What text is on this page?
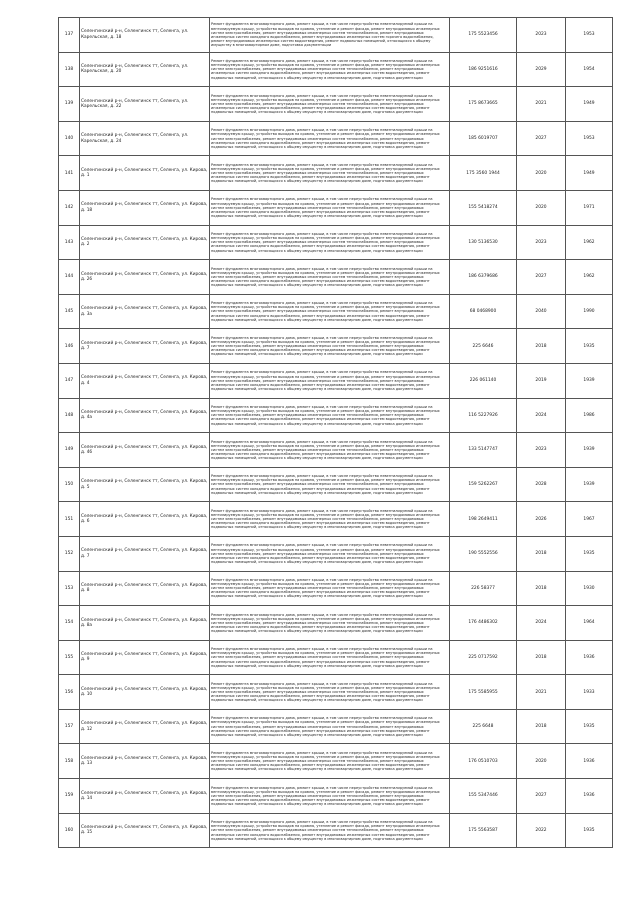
137	Селенгинский р-н, Селенгинск тт, Селенга, ул. Карельская, д. 18	Ремонт фундамента многоквартирного дома, ремонт крыши, в том числе переустройство невентилируемой крыши на вентилируемую крышу, устройство выходов на кровлю, утепление и ремонт фасада, ремонт внутридомовых инженерных систем электроснабжения, ремонт внутридомовых инженерных систем теплоснабжения, ремонт внутридомовых инженерных систем холодного водоснабжения, ремонт внутридомовых инженерных систем горячего водоснабжения, ремонт внутридомовых инженерных систем водоотведения, ремонт подвальных помещений, относящихся к общему имуществу в многоквартирном доме, подготовка документации	175 5523456	2023	1953
138	Селенгинский р-н, Селенгинск тт, Селенга, ул. Карельская, д. 20	Ремонт фундамента многоквартирного дома, ремонт крыши, в том числе переустройство невентилируемой крыши на вентилируемую крышу, устройство выходов на кровлю, утепление и ремонт фасада, ремонт внутридомовых инженерных систем электроснабжения, ремонт внутридомовых инженерных систем теплоснабжения, ремонт внутридомовых инженерных систем холодного водоснабжения, ремонт внутридомовых инженерных систем водоотведения, ремонт подвальных помещений, относящихся к общему имуществу в многоквартирном доме, подготовка документации	186 9251616	2029	1954
139	Селенгинский р-н, Селенгинск тт, Селенга, ул. Карельская, д. 22	Ремонт фундамента многоквартирного дома, ремонт крыши, в том числе переустройство невентилируемой крыши на вентилируемую крышу, устройство выходов на кровлю, утепление и ремонт фасада, ремонт внутридомовых инженерных систем электроснабжения, ремонт внутридомовых инженерных систем теплоснабжения, ремонт внутридомовых инженерных систем холодного водоснабжения, ремонт внутридомовых инженерных систем водоотведения, ремонт подвальных помещений, относящихся к общему имуществу в многоквартирном доме, подготовка документации	175 8673665	2021	1949
140	Селенгинский р-н, Селенгинск тт, Селенга, ул. Карельская, д. 24	Ремонт фундамента многоквартирного дома, ремонт крыши, в том числе переустройство невентилируемой крыши на вентилируемую крышу, устройство выходов на кровлю, утепление и ремонт фасада, ремонт внутридомовых инженерных систем электроснабжения, ремонт внутридомовых инженерных систем теплоснабжения, ремонт внутридомовых инженерных систем холодного водоснабжения, ремонт внутридомовых инженерных систем водоотведения, ремонт подвальных помещений, относящихся к общему имуществу в многоквартирном доме, подготовка документации	185 6019707	2027	1953
141	Селенгинский р-н, Селенгинск тт, Селенга, ул. Кирова, д. 1	Ремонт фундамента многоквартирного дома, ремонт крыши, в том числе переустройство невентилируемой крыши на вентилируемую крышу, устройство выходов на кровлю, утепление и ремонт фасада, ремонт внутридомовых инженерных систем электроснабжения, ремонт внутридомовых инженерных систем теплоснабжения, ремонт внутридомовых инженерных систем холодного водоснабжения, ремонт внутридомовых инженерных систем водоотведения, ремонт подвальных помещений, относящихся к общему имуществу в многоквартирном доме, подготовка документации	175 3560 1944	2020	1949
142	Селенгинский р-н, Селенгинск тт, Селенга, ул. Кирова, д. 18	Ремонт фундамента многоквартирного дома, ремонт крыши, в том числе переустройство невентилируемой крыши на вентилируемую крышу, устройство выходов на кровлю, утепление и ремонт фасада, ремонт внутридомовых инженерных систем электроснабжения, ремонт внутридомовых инженерных систем теплоснабжения, ремонт внутридомовых инженерных систем холодного водоснабжения, ремонт внутридомовых инженерных систем водоотведения, ремонт подвальных помещений, относящихся к общему имуществу в многоквартирном доме, подготовка документации	155 5418274	2020	1971
143	Селенгинский р-н, Селенгинск тт, Селенга, ул. Кирова, д. 2	Ремонт фундамента многоквартирного дома, ремонт крыши, в том числе переустройство невентилируемой крыши на вентилируемую крышу, устройство выходов на кровлю, утепление и ремонт фасада, ремонт внутридомовых инженерных систем электроснабжения, ремонт внутридомовых инженерных систем теплоснабжения, ремонт внутридомовых инженерных систем холодного водоснабжения, ремонт внутридомовых инженерных систем водоотведения, ремонт подвальных помещений, относящихся к общему имуществу в многоквартирном доме, подготовка документации	130 5136530	2023	1962
144	Селенгинский р-н, Селенгинск тт, Селенга, ул. Кирова, д. 26	Ремонт фундамента многоквартирного дома, ремонт крыши, в том числе переустройство невентилируемой крыши на вентилируемую крышу, устройство выходов на кровлю, утепление и ремонт фасада, ремонт внутридомовых инженерных систем электроснабжения, ремонт внутридомовых инженерных систем теплоснабжения, ремонт внутридомовых инженерных систем холодного водоснабжения, ремонт внутридомовых инженерных систем водоотведения, ремонт подвальных помещений, относящихся к общему имуществу в многоквартирном доме, подготовка документации	186 6379686	2027	1962
145	Селенгинский р-н, Селенгинск тт, Селенга, ул. Кирова, д. 3а	Ремонт фундамента многоквартирного дома, ремонт крыши, в том числе переустройство невентилируемой крыши на вентилируемую крышу, устройство выходов на кровлю, утепление и ремонт фасада, ремонт внутридомовых инженерных систем электроснабжения, ремонт внутридомовых инженерных систем теплоснабжения, ремонт внутридомовых инженерных систем холодного водоснабжения, ремонт внутридомовых инженерных систем водоотведения, ремонт подвальных помещений, относящихся к общему имуществу в многоквартирном доме, подготовка документации	68 0468900	2040	1990
146	Селенгинский р-н, Селенгинск тт, Селенга, ул. Кирова, д. 7	Ремонт фундамента многоквартирного дома, ремонт крыши, в том числе переустройство невентилируемой крыши на вентилируемую крышу, устройство выходов на кровлю, утепление и ремонт фасада, ремонт внутридомовых инженерных систем электроснабжения, ремонт внутридомовых инженерных систем теплоснабжения, ремонт внутридомовых инженерных систем холодного водоснабжения, ремонт внутридомовых инженерных систем водоотведения, ремонт подвальных помещений, относящихся к общему имуществу в многоквартирном доме, подготовка документации	225 6646	2018	1935
147	Селенгинский р-н, Селенгинск тт, Селенга, ул. Кирова, д. 4	Ремонт фундамента многоквартирного дома, ремонт крыши, в том числе переустройство невентилируемой крыши на вентилируемую крышу, устройство выходов на кровлю, утепление и ремонт фасада, ремонт внутридомовых инженерных систем электроснабжения, ремонт внутридомовых инженерных систем теплоснабжения, ремонт внутридомовых инженерных систем холодного водоснабжения, ремонт внутридомовых инженерных систем водоотведения, ремонт подвальных помещений, относящихся к общему имуществу в многоквартирном доме, подготовка документации	226 061140	2019	1939
148	Селенгинский р-н, Селенгинск тт, Селенга, ул. Кирова, д. 4а	Ремонт фундамента многоквартирного дома, ремонт крыши, в том числе переустройство невентилируемой крыши на вентилируемую крышу, устройство выходов на кровлю, утепление и ремонт фасада, ремонт внутридомовых инженерных систем электроснабжения, ремонт внутридомовых инженерных систем теплоснабжения, ремонт внутридомовых инженерных систем холодного водоснабжения, ремонт внутридомовых инженерных систем водоотведения, ремонт подвальных помещений, относящихся к общему имуществу в многоквартирном доме, подготовка документации	116 5227926	2024	1986
149	Селенгинский р-н, Селенгинск тт, Селенга, ул. Кирова, д. 46	Ремонт фундамента многоквартирного дома, ремонт крыши, в том числе переустройство невентилируемой крыши на вентилируемую крышу, устройство выходов на кровлю, утепление и ремонт фасада, ремонт внутридомовых инженерных систем электроснабжения, ремонт внутридомовых инженерных систем теплоснабжения, ремонт внутридомовых инженерных систем холодного водоснабжения, ремонт внутридомовых инженерных систем водоотведения, ремонт подвальных помещений, относящихся к общему имуществу в многоквартирном доме, подготовка документации	133 5147747	2023	1939
150	Селенгинский р-н, Селенгинск тт, Селенга, ул. Кирова, д. 5	Ремонт фундамента многоквартирного дома, ремонт крыши, в том числе переустройство невентилируемой крыши на вентилируемую крышу, устройство выходов на кровлю, утепление и ремонт фасада, ремонт внутридомовых инженерных систем электроснабжения, ремонт внутридомовых инженерных систем теплоснабжения, ремонт внутридомовых инженерных систем холодного водоснабжения, ремонт внутридомовых инженерных систем водоотведения, ремонт подвальных помещений, относящихся к общему имуществу в многоквартирном доме, подготовка документации	159 5262267	2028	1939
151	Селенгинский р-н, Селенгинск тт, Селенга, ул. Кирова, д. 6	Ремонт фундамента многоквартирного дома, ремонт крыши, в том числе переустройство невентилируемой крыши на вентилируемую крышу, устройство выходов на кровлю, утепление и ремонт фасада, ремонт внутридомовых инженерных систем электроснабжения, ремонт внутридомовых инженерных систем теплоснабжения, ремонт внутридомовых инженерных систем холодного водоснабжения, ремонт внутридомовых инженерных систем водоотведения, ремонт подвальных помещений, относящихся к общему имуществу в многоквартирном доме, подготовка документации	198 2649411	2026	1967
152	Селенгинский р-н, Селенгинск тт, Селенга, ул. Кирова, д. 7	Ремонт фундамента многоквартирного дома, ремонт крыши, в том числе переустройство невентилируемой крыши на вентилируемую крышу, устройство выходов на кровлю, утепление и ремонт фасада, ремонт внутридомовых инженерных систем электроснабжения, ремонт внутридомовых инженерных систем теплоснабжения, ремонт внутридомовых инженерных систем холодного водоснабжения, ремонт внутридомовых инженерных систем водоотведения, ремонт подвальных помещений, относящихся к общему имуществу в многоквартирном доме, подготовка документации	190 5552556	2018	1935
153	Селенгинский р-н, Селенгинск тт, Селенга, ул. Кирова, д. 8	Ремонт фундамента многоквартирного дома, ремонт крыши, в том числе переустройство невентилируемой крыши на вентилируемую крышу, устройство выходов на кровлю, утепление и ремонт фасада, ремонт внутридомовых инженерных систем электроснабжения, ремонт внутридомовых инженерных систем теплоснабжения, ремонт внутридомовых инженерных систем холодного водоснабжения, ремонт внутридомовых инженерных систем водоотведения, ремонт подвальных помещений, относящихся к общему имуществу в многоквартирном доме, подготовка документации	226 58377	2018	1930
154	Селенгинский р-н, Селенгинск тт, Селенга, ул. Кирова, д. 8а	Ремонт фундамента многоквартирного дома, ремонт крыши, в том числе переустройство невентилируемой крыши на вентилируемую крышу, устройство выходов на кровлю, утепление и ремонт фасада, ремонт внутридомовых инженерных систем электроснабжения, ремонт внутридомовых инженерных систем теплоснабжения, ремонт внутридомовых инженерных систем холодного водоснабжения, ремонт внутридомовых инженерных систем водоотведения, ремонт подвальных помещений, относящихся к общему имуществу в многоквартирном доме, подготовка документации	176 4486302	2024	1964
155	Селенгинский р-н, Селенгинск тт, Селенга, ул. Кирова, д. 9	Ремонт фундамента многоквартирного дома, ремонт крыши, в том числе переустройство невентилируемой крыши на вентилируемую крышу, устройство выходов на кровлю, утепление и ремонт фасада, ремонт внутридомовых инженерных систем электроснабжения, ремонт внутридомовых инженерных систем теплоснабжения, ремонт внутридомовых инженерных систем холодного водоснабжения, ремонт внутридомовых инженерных систем водоотведения, ремонт подвальных помещений, относящихся к общему имуществу в многоквартирном доме, подготовка документации	225 0717592	2018	1936
156	Селенгинский р-н, Селенгинск тт, Селенга, ул. Кирова, д. 10	Ремонт фундамента многоквартирного дома, ремонт крыши, в том числе переустройство невентилируемой крыши на вентилируемую крышу, устройство выходов на кровлю, утепление и ремонт фасада, ремонт внутридомовых инженерных систем электроснабжения, ремонт внутридомовых инженерных систем теплоснабжения, ремонт внутридомовых инженерных систем холодного водоснабжения, ремонт внутридомовых инженерных систем водоотведения, ремонт подвальных помещений, относящихся к общему имуществу в многоквартирном доме, подготовка документации	175 5585955	2021	1933
157	Селенгинский р-н, Селенгинск тт, Селенга, ул. Кирова, д. 12	Ремонт фундамента многоквартирного дома, ремонт крыши, в том числе переустройство невентилируемой крыши на вентилируемую крышу, устройство выходов на кровлю, утепление и ремонт фасада, ремонт внутридомовых инженерных систем электроснабжения, ремонт внутридомовых инженерных систем теплоснабжения, ремонт внутридомовых инженерных систем холодного водоснабжения, ремонт внутридомовых инженерных систем водоотведения, ремонт подвальных помещений, относящихся к общему имуществу в многоквартирном доме, подготовка документации	225 6648	2018	1935
158	Селенгинский р-н, Селенгинск тт, Селенга, ул. Кирова, д. 13	Ремонт фундамента многоквартирного дома, ремонт крыши, в том числе переустройство невентилируемой крыши на вентилируемую крышу, устройство выходов на кровлю, утепление и ремонт фасада, ремонт внутридомовых инженерных систем электроснабжения, ремонт внутридомовых инженерных систем теплоснабжения, ремонт внутридомовых инженерных систем холодного водоснабжения, ремонт внутридомовых инженерных систем водоотведения, ремонт подвальных помещений, относящихся к общему имуществу в многоквартирном доме, подготовка документации	176 0510703	2020	1936
159	Селенгинский р-н, Селенгинск тт, Селенга, ул. Кирова, д. 14	Ремонт фундамента многоквартирного дома, ремонт крыши, в том числе переустройство невентилируемой крыши на вентилируемую крышу, устройство выходов на кровлю, утепление и ремонт фасада, ремонт внутридомовых инженерных систем электроснабжения, ремонт внутридомовых инженерных систем теплоснабжения, ремонт внутридомовых инженерных систем холодного водоснабжения, ремонт внутридомовых инженерных систем водоотведения, ремонт подвальных помещений, относящихся к общему имуществу в многоквартирном доме, подготовка документации	155 5347446	2027	1936
160	Селенгинский р-н, Селенгинск тт, Селенга, ул. Кирова, д. 15	Ремонт фундамента многоквартирного дома, ремонт крыши, в том числе переустройство невентилируемой крыши на вентилируемую крышу, устройство выходов на кровлю, утепление и ремонт фасада, ремонт внутридомовых инженерных систем электроснабжения, ремонт внутридомовых инженерных систем теплоснабжения, ремонт внутридомовых инженерных систем холодного водоснабжения, ремонт внутридомовых инженерных систем водоотведения, ремонт подвальных помещений, относящихся к общему имуществу в многоквартирном доме, подготовка документации	175 5563587	2022	1935
